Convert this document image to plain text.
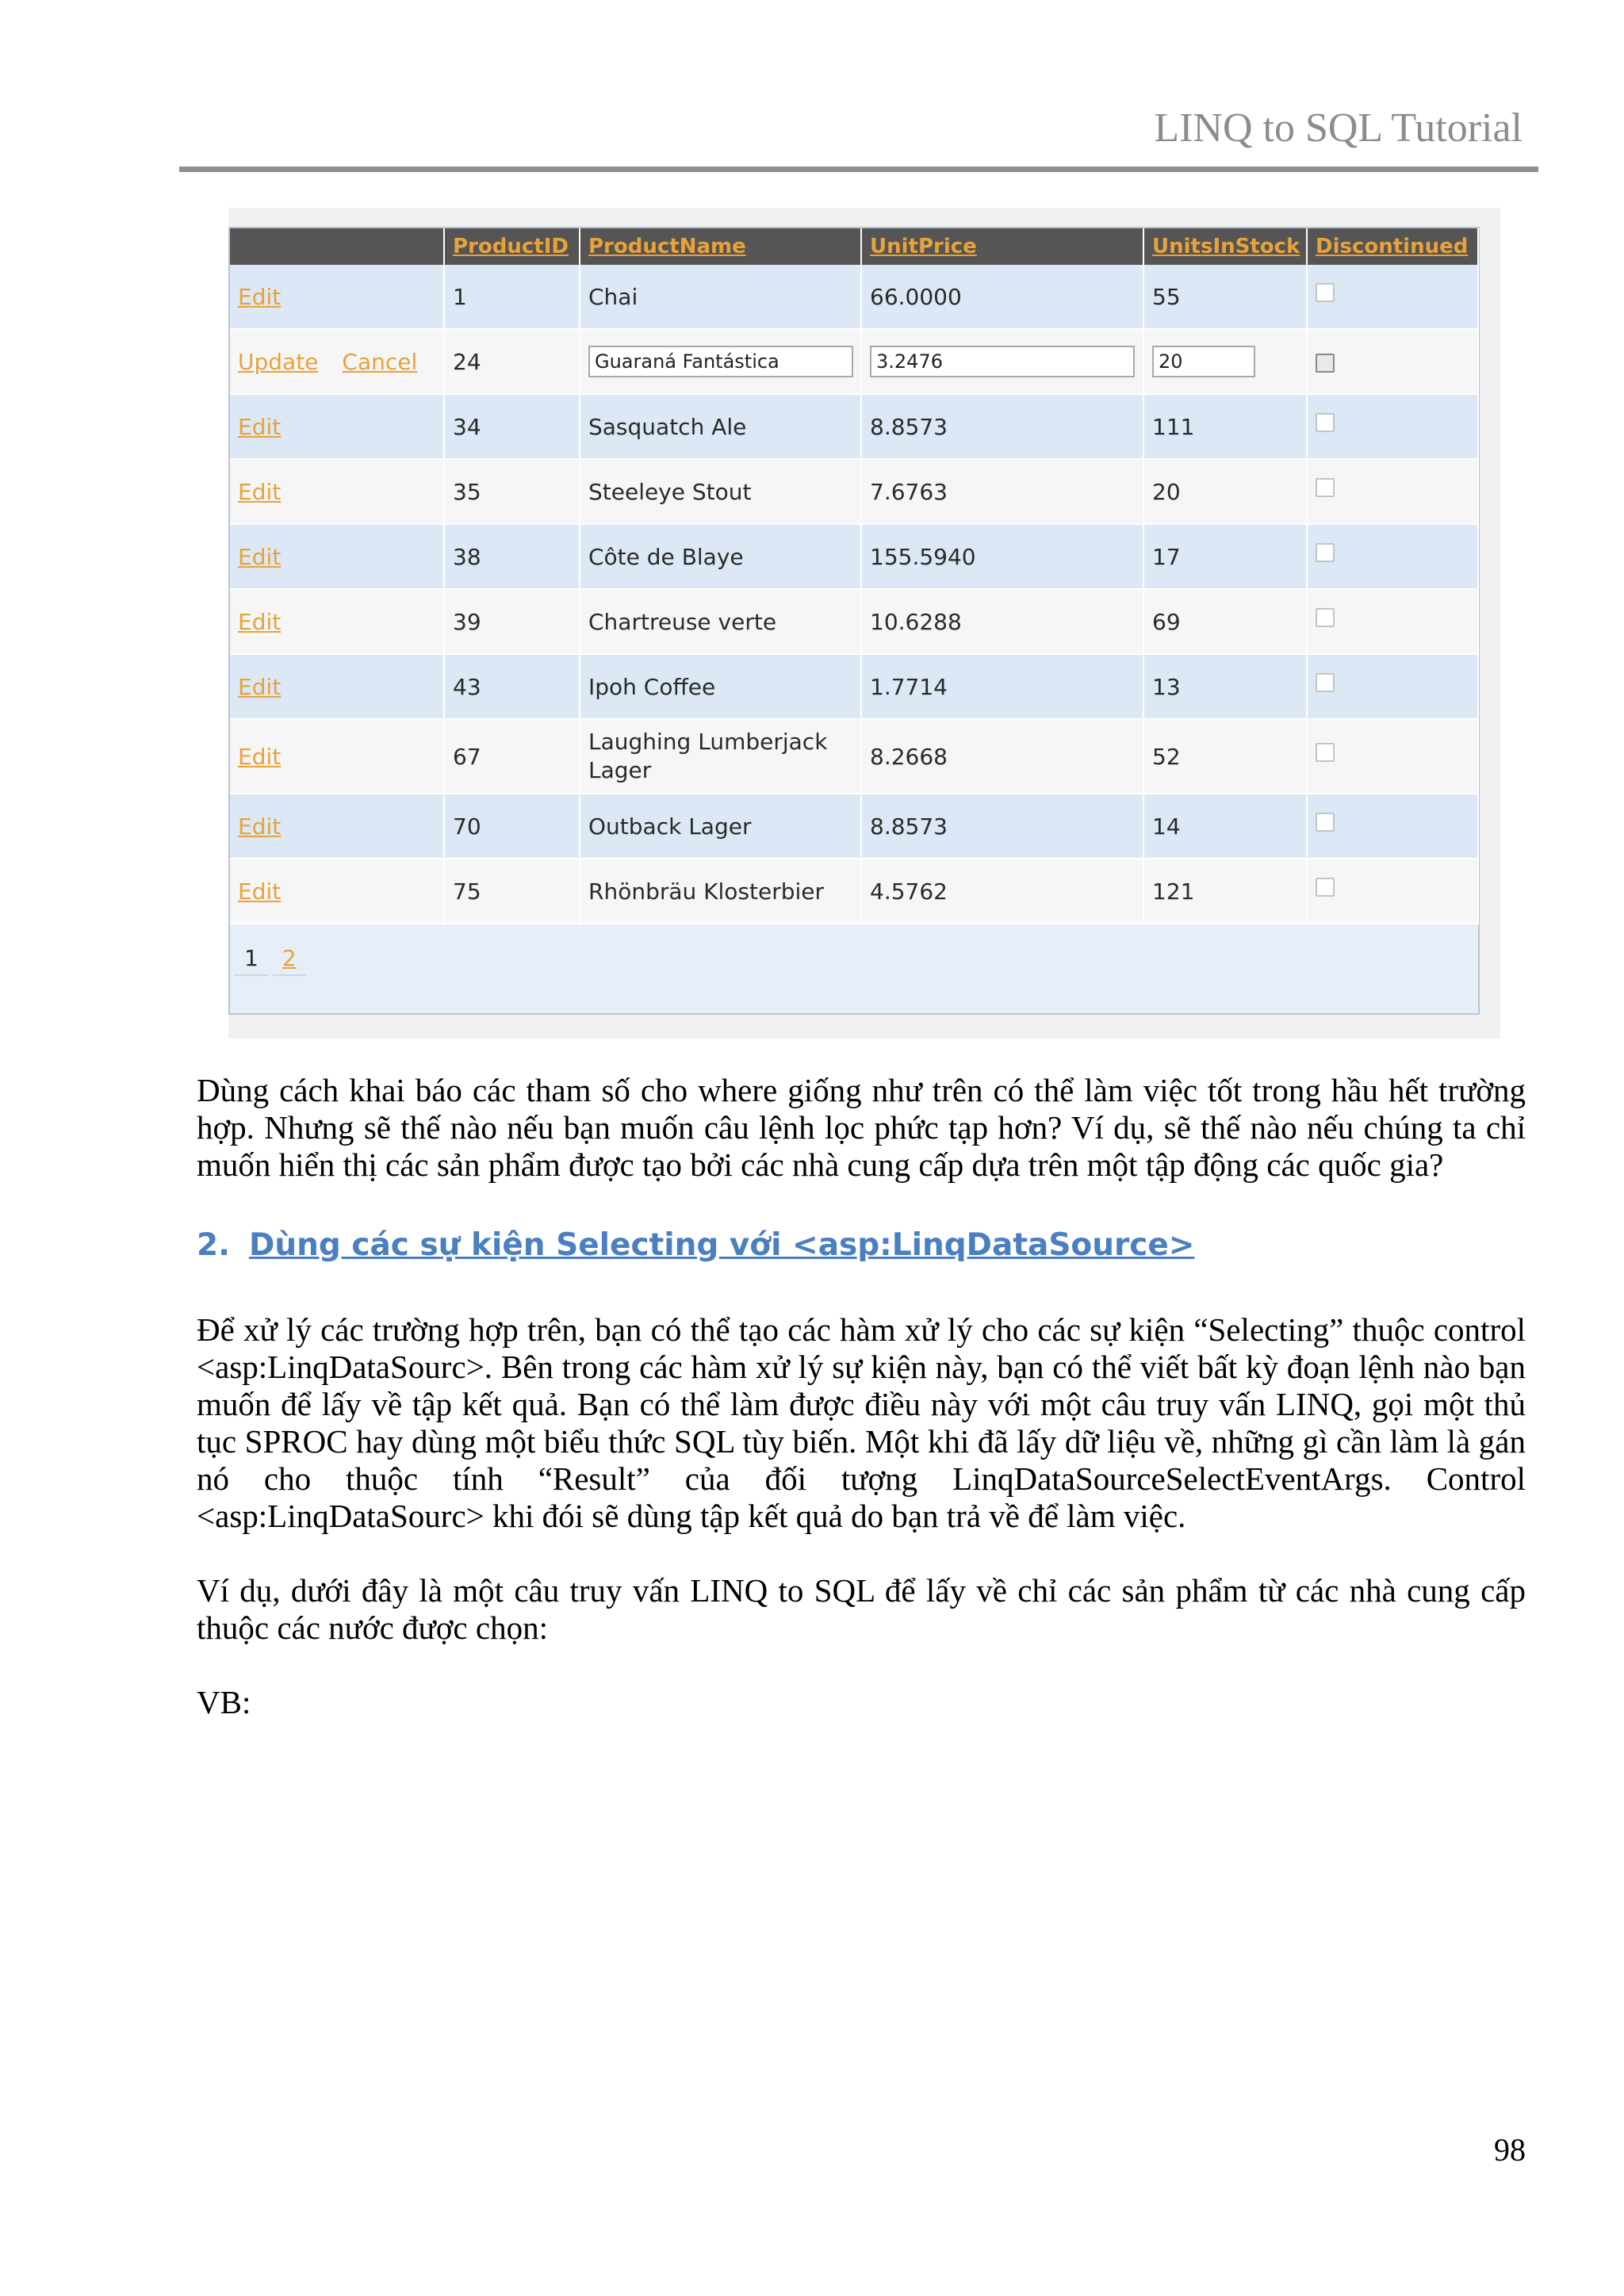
LINQ to SQL Tutorial
	ProductID	ProductName	UnitPrice	UnitsInStock	Discontinued
Edit	1	Chai	66.0000	55	
Update Cancel	24	Guaraná Fantástica	3.2476	20	
Edit	34	Sasquatch Ale	8.8573	111	
Edit	35	Steeleye Stout	7.6763	20	
Edit	38	Côte de Blaye	155.5940	17	
Edit	39	Chartreuse verte	10.6288	69	
Edit	43	Ipoh Coffee	1.7714	13	
Edit	67	Laughing Lumberjack Lager	8.2668	52	
Edit	70	Outback Lager	8.8573	14	
Edit	75	Rhönbräu Klosterbier	4.5762	121	
1 2

Dùng cách khai báo các tham số cho where giống như trên có thể làm việc tốt trong hầu hết trường hợp. Nhưng sẽ thế nào nếu bạn muốn câu lệnh lọc phức tạp hơn? Ví dụ, sẽ thế nào nếu chúng ta chỉ muốn hiển thị các sản phẩm được tạo bởi các nhà cung cấp dựa trên một tập động các quốc gia?

2. Dùng các sự kiện Selecting với <asp:LinqDataSource>

Để xử lý các trường hợp trên, bạn có thể tạo các hàm xử lý cho các sự kiện “Selecting” thuộc control <asp:LinqDataSourc>. Bên trong các hàm xử lý sự kiện này, bạn có thể viết bất kỳ đoạn lệnh nào bạn muốn để lấy về tập kết quả. Bạn có thể làm được điều này với một câu truy vấn LINQ, gọi một thủ tục SPROC hay dùng một biểu thức SQL tùy biến. Một khi đã lấy dữ liệu về, những gì cần làm là gán nó cho thuộc tính “Result” của đối tượng LinqDataSourceSelectEventArgs. Control <asp:LinqDataSourc> khi đói sẽ dùng tập kết quả do bạn trả về để làm việc.

Ví dụ, dưới đây là một câu truy vấn LINQ to SQL để lấy về chỉ các sản phẩm từ các nhà cung cấp thuộc các nước được chọn:

VB:

98
